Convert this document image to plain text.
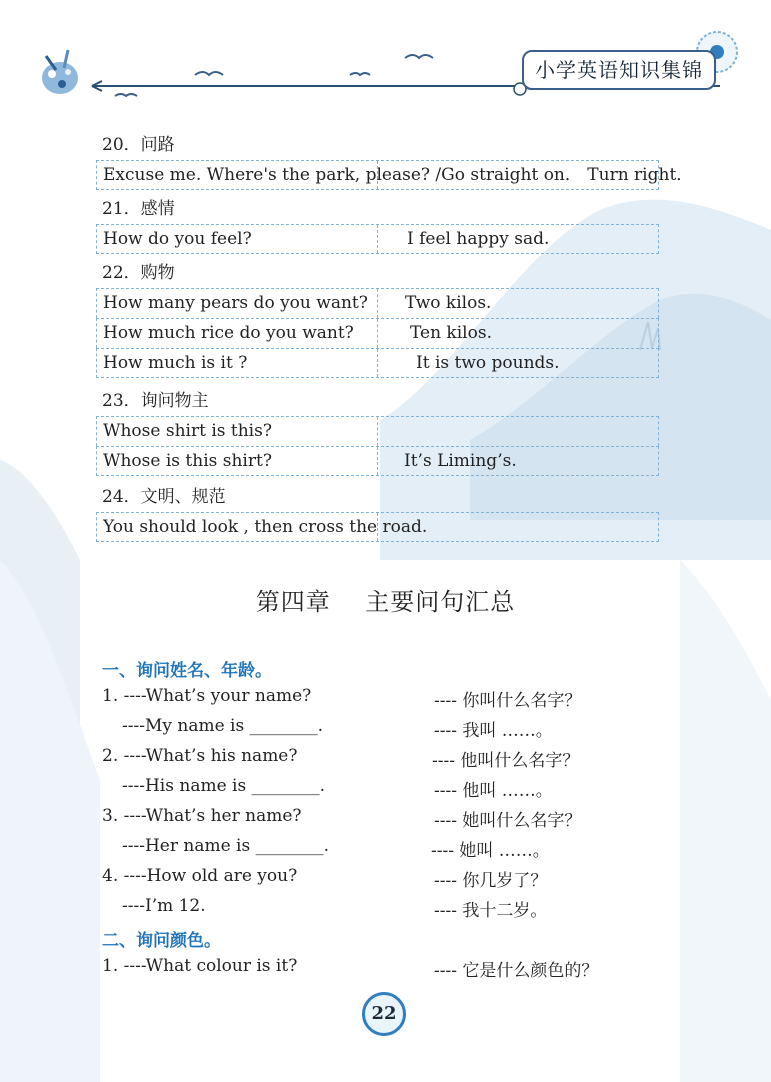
小学英语知识集锦
20．问路
Excuse me. Where's the park, please? /Go straight on． Turn right．
21．感情
How do you feel?	I feel happy sad.
22．购物
How many pears do you want? Two kilos.
How much rice do you want?	Ten kilos.
How much is it ?	It is two pounds.
23．询问物主
Whose shirt is this?
Whose is this shirt?	It’s Liming’s.
24．文明、规范
You should look , then cross the road.
第四章    主要问句汇总
一、询问姓名、年龄。
1. ----What’s your name?	---- 你叫什么名字？
----My name is ________.	---- 我叫 ……。
2. ----What’s his name?	---- 他叫什么名字？
----His name is ________.	---- 他叫 ……。
3. ----What’s her name?	---- 她叫什么名字？
----Her name is ________.	---- 她叫 ……。
4. ----How old are you?	---- 你几岁了？
----I’m 12.	---- 我十二岁。
二、询问颜色。
1. ----What colour is it?	---- 它是什么颜色的？
22
